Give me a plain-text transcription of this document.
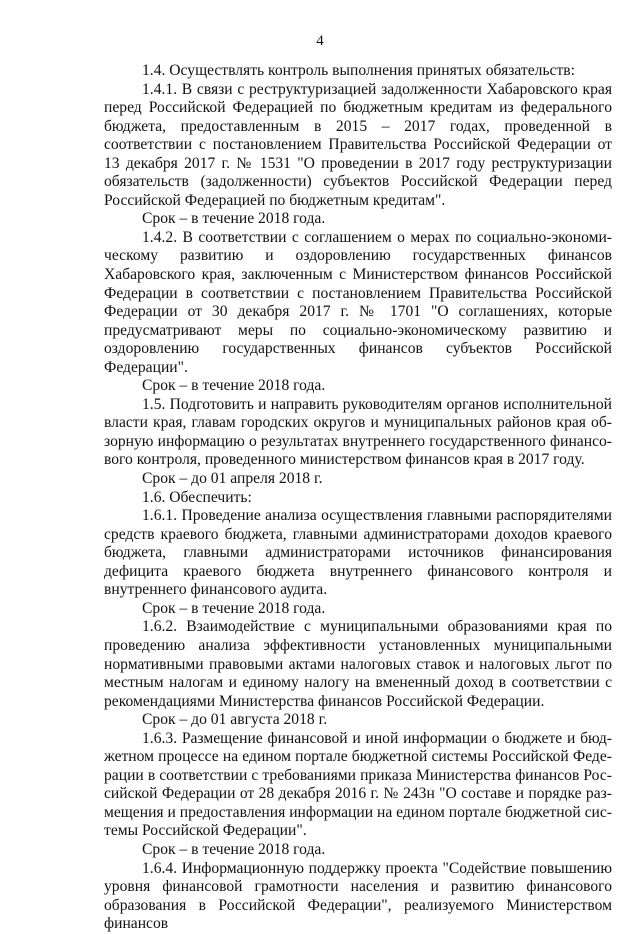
4

1.4. Осуществлять контроль выполнения принятых обязательств:

1.4.1. В связи с реструктуризацией задолженности Хабаровского края перед Российской Федерацией по бюджетным кредитам из федерального бюджета, предоставленным в 2015 – 2017 годах, проведенной в соответствии с постановлением Правительства Российской Федерации от 13 декабря 2017 г. № 1531 "О проведении в 2017 году реструктуризации обязательств (задолженности) субъектов Российской Федерации перед Российской Федерацией по бюджетным кредитам".

Срок – в течение 2018 года.

1.4.2. В соответствии с соглашением о мерах по социально-экономическому развитию и оздоровлению государственных финансов Хабаровского края, заключенным с Министерством финансов Российской Федерации в соответствии с постановлением Правительства Российской Федерации от 30 декабря 2017 г. № 1701 "О соглашениях, которые предусматривают меры по социально-экономическому развитию и оздоровлению государственных финансов субъектов Российской Федерации".

Срок – в течение 2018 года.

1.5. Подготовить и направить руководителям органов исполнительной власти края, главам городских округов и муниципальных районов края обзорную информацию о результатах внутреннего государственного финансового контроля, проведенного министерством финансов края в 2017 году.

Срок – до 01 апреля 2018 г.

1.6. Обеспечить:

1.6.1. Проведение анализа осуществления главными распорядителями средств краевого бюджета, главными администраторами доходов краевого бюджета, главными администраторами источников финансирования дефицита краевого бюджета внутреннего финансового контроля и внутреннего финансового аудита.

Срок – в течение 2018 года.

1.6.2. Взаимодействие с муниципальными образованиями края по проведению анализа эффективности установленных муниципальными нормативными правовыми актами налоговых ставок и налоговых льгот по местным налогам и единому налогу на вмененный доход в соответствии с рекомендациями Министерства финансов Российской Федерации.

Срок – до 01 августа 2018 г.

1.6.3. Размещение финансовой и иной информации о бюджете и бюджетном процессе на едином портале бюджетной системы Российской Федерации в соответствии с требованиями приказа Министерства финансов Российской Федерации от 28 декабря 2016 г. № 243н "О составе и порядке размещения и предоставления информации на едином портале бюджетной системы Российской Федерации".

Срок – в течение 2018 года.

1.6.4. Информационную поддержку проекта "Содействие повышению уровня финансовой грамотности населения и развитию финансового образования в Российской Федерации", реализуемого Министерством финансов
